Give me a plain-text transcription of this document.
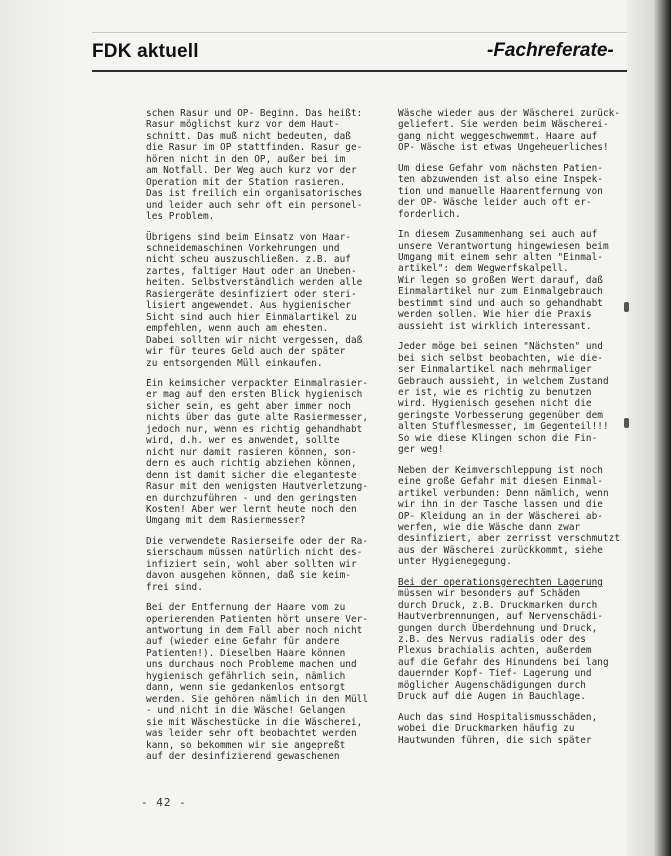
FDK aktuell	-Fachreferate-
schen Rasur und OP- Beginn. Das heißt:
Rasur möglichst kurz vor dem Haut-
schnitt. Das muß nicht bedeuten, daß
die Rasur im OP stattfinden. Rasur ge-
hören nicht in den OP, außer bei im
am Notfall. Der Weg auch kurz vor der
Operation mit der Station rasieren.
Das ist freilich ein organisatorisches
und leider auch sehr oft ein personel-
les Problem.
Übrigens sind beim Einsatz von Haar-
schneidemaschinen Vorkehrungen und
nicht scheu auszuschließen. z.B. auf
zartes, faltiger Haut oder an Uneben-
heiten. Selbstverständlich werden alle
Rasiergeräte desinfiziert oder steri-
lisiert angewendet. Aus hygienischer
Sicht sind auch hier Einmalartikel zu
empfehlen, wenn auch am ehesten.
Dabei sollten wir nicht vergessen, daß
wir für teures Geld auch der später
zu entsorgenden Müll einkaufen.
Ein keimsicher verpackter Einmalrasier-
er mag auf den ersten Blick hygienisch
sicher sein, es geht aber immer noch
nichts über das gute alte Rasiermesser,
jedoch nur, wenn es richtig gehandhabt
wird, d.h. wer es anwendet, sollte
nicht nur damit rasieren können, son-
dern es auch richtig abziehen können,
denn ist damit sicher die eleganteste
Rasur mit den wenigsten Hautverletzung-
en durchzuführen - und den geringsten
Kosten! Aber wer lernt heute noch den
Umgang mit dem Rasiermesser?
Die verwendete Rasierseife oder der Ra-
sierschaum müssen natürlich nicht des-
infiziert sein, wohl aber sollten wir
davon ausgehen können, daß sie keim-
frei sind.
Bei der Entfernung der Haare vom zu
operierenden Patienten hört unsere Ver-
antwortung in dem Fall aber noch nicht
auf (wieder eine Gefahr für andere
Patienten!). Dieselben Haare können
uns durchaus noch Probleme machen und
hygienisch gefährlich sein, nämlich
dann, wenn sie gedankenlos entsorgt
werden. Sie gehören nämlich in den Müll
- und nicht in die Wäsche! Gelangen
sie mit Wäschestücke in die Wäscherei,
was leider sehr oft beobachtet werden
kann, so bekommen wir sie angepreßt
auf der desinfizierend gewaschenen
Wäsche wieder aus der Wäscherei zurück-
geliefert. Sie werden beim Wäscherei-
gang nicht weggeschwemmt. Haare auf
OP- Wäsche ist etwas Ungeheuerliches!
Um diese Gefahr vom nächsten Patien-
ten abzuwenden ist also eine Inspek-
tion und manuelle Haarentfernung von
der OP- Wäsche leider auch oft er-
forderlich.
In diesem Zusammenhang sei auch auf
unsere Verantwortung hingewiesen beim
Umgang mit einem sehr alten "Einmal-
artikel": dem Wegwerfskalpell.
Wir legen so großen Wert darauf, daß
Einmalartikel nur zum Einmalgebrauch
bestimmt sind und auch so gehandhabt
werden sollen. Wie hier die Praxis
aussieht ist wirklich interessant.
Jeder möge bei seinen "Nächsten" und
bei sich selbst beobachten, wie die-
ser Einmalartikel nach mehrmaliger
Gebrauch aussieht, in welchem Zustand
er ist, wie es richtig zu benutzen
wird. Hygienisch gesehen nicht die
geringste Vorbesserung gegenüber dem
alten Stufflesmesser, im Gegenteil!!!
So wie diese Klingen schon die Fin-
ger weg!
Neben der Keimverschleppung ist noch
eine große Gefahr mit diesen Einmal-
artikel verbunden: Denn nämlich, wenn
wir ihn in der Tasche lassen und die
OP- Kleidung an in der Wäscherei ab-
werfen, wie die Wäsche dann zwar
desinfiziert, aber zerrisst verschmutzt
aus der Wäscherei zurückkommt, siehe
unter Hygienegegung.
Bei der operationsgerechten Lagerung
müssen wir besonders auf Schäden
durch Druck, z.B. Druckmarken durch
Hautverbrennungen, auf Nervenschädi-
gungen durch Überdehnung und Druck,
z.B. des Nervus radialis oder des
Plexus brachialis achten, außerdem
auf die Gefahr des Hinundens bei lang
dauernder Kopf- Tief- Lagerung und
möglicher Augenschädigungen durch
Druck auf die Augen in Bauchlage.
Auch das sind Hospitalismusschäden,
wobei die Druckmarken häufig zu
Hautwunden führen, die sich später
- 42 -
